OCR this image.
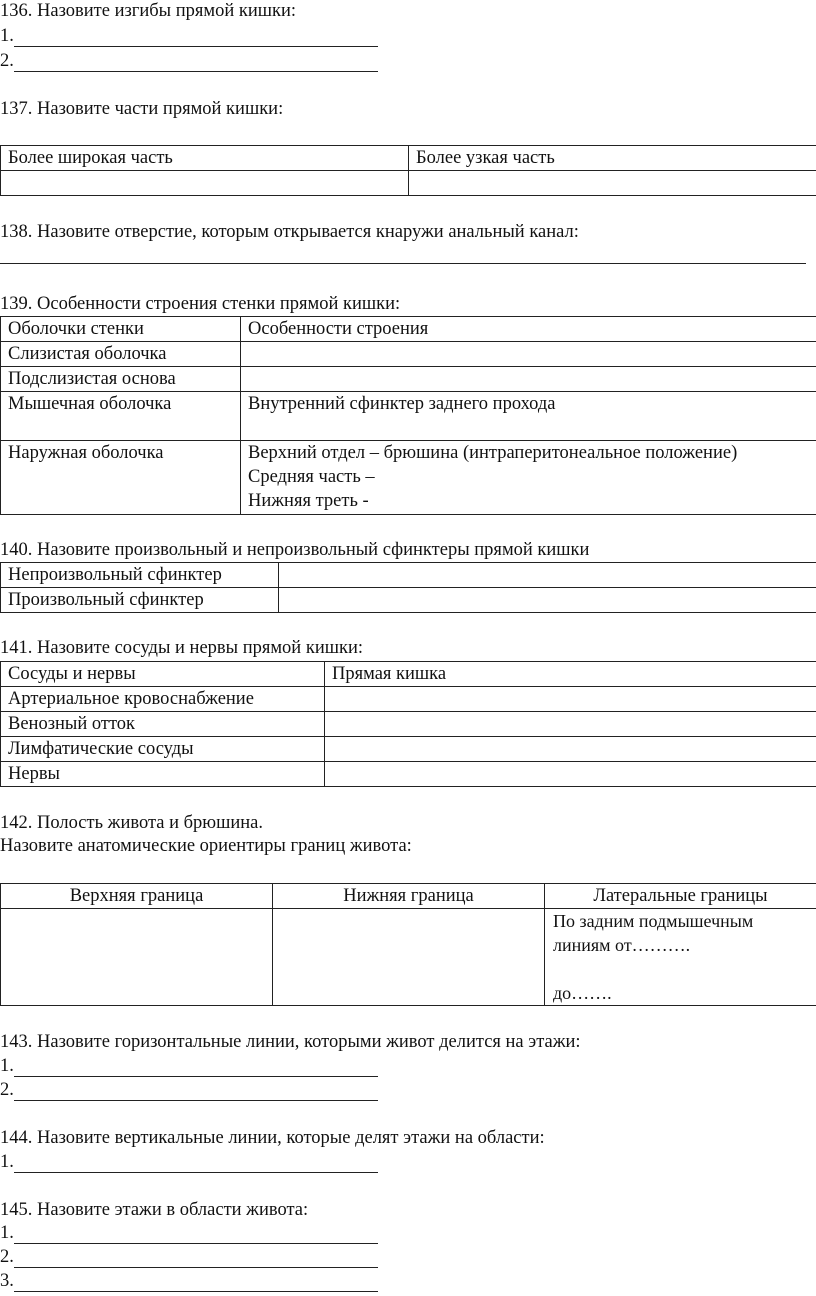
136. Назовите изгибы прямой кишки:
1.
2.
137. Назовите части прямой кишки:
Более широкая часть	Более узкая часть

138. Назовите отверстие, которым открывается кнаружи анальный канал:
139. Особенности строения стенки прямой кишки:
Оболочки стенки	Особенности строения
Слизистая оболочка	
Подслизистая основа	
Мышечная оболочка	Внутренний сфинктер заднего прохода
Наружная оболочка	Верхний отдел – брюшина (интраперитонеальное положение)
Средняя часть –
Нижняя треть -
140. Назовите произвольный и непроизвольный сфинктеры прямой кишки
Непроизвольный сфинктер	
Произвольный сфинктер	
141. Назовите сосуды и нервы прямой кишки:
Сосуды и нервы	Прямая кишка
Артериальное кровоснабжение	
Венозный отток	
Лимфатические сосуды	
Нервы	
142. Полость живота и брюшина.
Назовите анатомические ориентиры границ живота:
Верхняя граница	Нижняя граница	Латеральные границы

		По задним подмышечным
линиям от……….

до…….
143. Назовите горизонтальные линии, которыми живот делится на этажи:
1.
2.
144. Назовите вертикальные линии, которые делят этажи на области:
1.
145. Назовите этажи в области живота:
1.
2.
3.
